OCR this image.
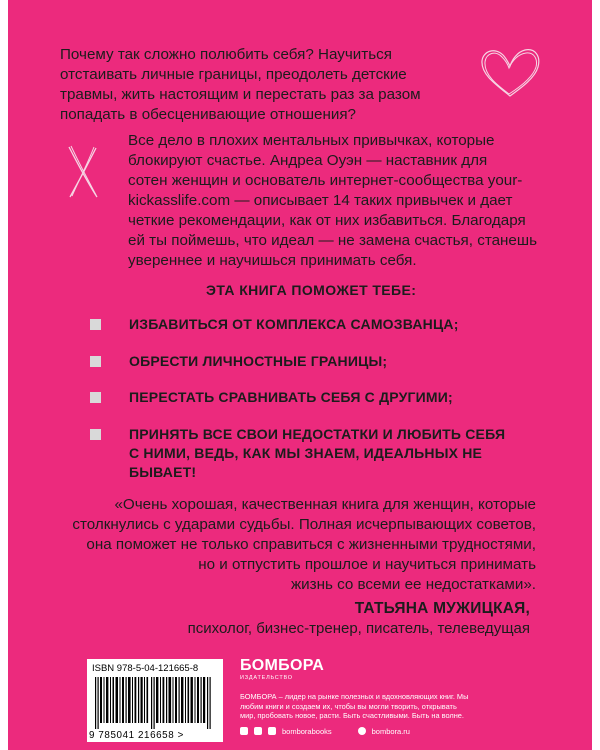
Почему так сложно полюбить себя? Научиться
отстаивать личные границы, преодолеть детские
травмы, жить настоящим и перестать раз за разом
попадать в обесценивающие отношения?
Все дело в плохих ментальных привычках, которые
блокируют счастье. Андреа Оуэн — наставник для
сотен женщин и основатель интернет-сообщества your-
kickasslife.com — описывает 14 таких привычек и дает
четкие рекомендации, как от них избавиться. Благодаря
ей ты поймешь, что идеал — не замена счастья, станешь
увереннее и научишься принимать себя.
ЭТА КНИГА ПОМОЖЕТ ТЕБЕ:
ИЗБАВИТЬСЯ ОТ КОМПЛЕКСА САМОЗВАНЦА;
ОБРЕСТИ ЛИЧНОСТНЫЕ ГРАНИЦЫ;
ПЕРЕСТАТЬ СРАВНИВАТЬ СЕБЯ С ДРУГИМИ;
ПРИНЯТЬ ВСЕ СВОИ НЕДОСТАТКИ И ЛЮБИТЬ СЕБЯ
С НИМИ, ВЕДЬ, КАК МЫ ЗНАЕМ, ИДЕАЛЬНЫХ НЕ
БЫВАЕТ!
«Очень хорошая, качественная книга для женщин, которые
столкнулись с ударами судьбы. Полная исчерпывающих советов,
она поможет не только справиться с жизненными трудностями,
но и отпустить прошлое и научиться принимать
жизнь со всеми ее недостатками».
ТАТЬЯНА МУЖИЦКАЯ,
психолог, бизнес-тренер, писатель, телеведущая
ISBN 978-5-04-121665-8
9 785041 216658 >
БОМБОРА
ИЗДАТЕЛЬСТВО
БОМБОРА – лидер на рынке полезных и вдохновляющих книг. Мы любим книги и создаем их, чтобы вы могли творить, открывать мир, пробовать новое, расти. Быть счастливыми. Быть на волне.
bomborabooks	bombora.ru
